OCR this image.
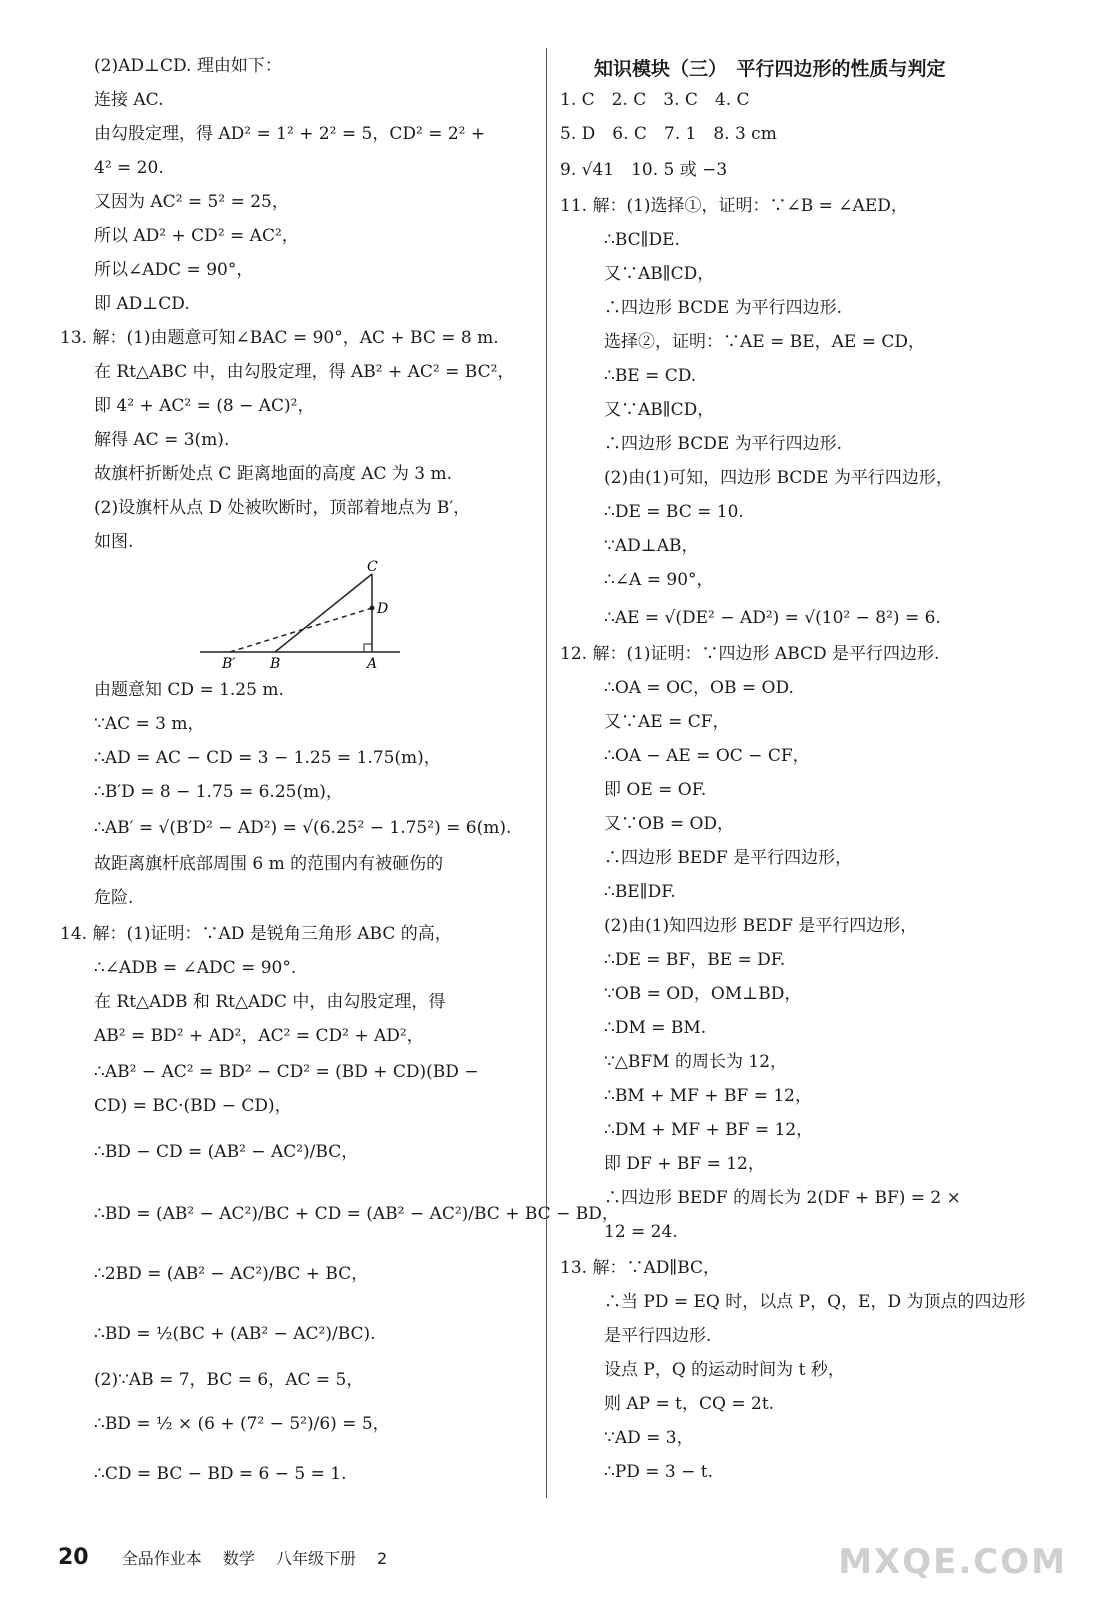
(2)AD⊥CD. 理由如下：
连接 AC.
由勾股定理，得 AD² = 1² + 2² = 5，CD² = 2² +
4² = 20.
又因为 AC² = 5² = 25，
所以 AD² + CD² = AC²，
所以∠ADC = 90°，
即 AD⊥CD.
13. 解：(1)由题意可知∠BAC = 90°，AC + BC = 8 m.
在 Rt△ABC 中，由勾股定理，得 AB² + AC² = BC²，
即 4² + AC² = (8 − AC)²，
解得 AC = 3(m).
故旗杆折断处点 C 距离地面的高度 AC 为 3 m.
(2)设旗杆从点 D 处被吹断时，顶部着地点为 B′，
如图.
C
D
B′ B	A
由题意知 CD = 1.25 m.
∵AC = 3 m，
∴AD = AC − CD = 3 − 1.25 = 1.75(m)，
∴B′D = 8 − 1.75 = 6.25(m)，
∴AB′ = √(B′D² − AD²) = √(6.25² − 1.75²) = 6(m).
故距离旗杆底部周围 6 m 的范围内有被砸伤的
危险.
14. 解：(1)证明：∵AD 是锐角三角形 ABC 的高，
∴∠ADB = ∠ADC = 90°.
在 Rt△ADB 和 Rt△ADC 中，由勾股定理，得
AB² = BD² + AD²，AC² = CD² + AD²，
∴AB² − AC² = BD² − CD² = (BD + CD)(BD −
CD) = BC·(BD − CD)，
∴BD − CD = (AB² − AC²)/BC，
∴BD = (AB² − AC²)/BC + CD = (AB² − AC²)/BC + BC − BD，
∴2BD = (AB² − AC²)/BC + BC，
∴BD = ½(BC + (AB² − AC²)/BC).
(2)∵AB = 7，BC = 6，AC = 5，
∴BD = ½ × (6 + (7² − 5²)/6) = 5，
∴CD = BC − BD = 6 − 5 = 1.
知识模块（三）　平行四边形的性质与判定
1. C　2. C　3. C　4. C
5. D　6. C　7. 1　8. 3 cm
9. √41　10. 5 或 −3
11. 解：(1)选择①，证明：∵∠B = ∠AED，
∴BC∥DE.
又∵AB∥CD，
∴四边形 BCDE 为平行四边形.
选择②，证明：∵AE = BE，AE = CD，
∴BE = CD.
又∵AB∥CD，
∴四边形 BCDE 为平行四边形.
(2)由(1)可知，四边形 BCDE 为平行四边形，
∴DE = BC = 10.
∵AD⊥AB，
∴∠A = 90°，
∴AE = √(DE² − AD²) = √(10² − 8²) = 6.
12. 解：(1)证明：∵四边形 ABCD 是平行四边形.
∴OA = OC，OB = OD.
又∵AE = CF，
∴OA − AE = OC − CF，
即 OE = OF.
又∵OB = OD，
∴四边形 BEDF 是平行四边形，
∴BE∥DF.
(2)由(1)知四边形 BEDF 是平行四边形，
∴DE = BF，BE = DF.
∵OB = OD，OM⊥BD，
∴DM = BM.
∵△BFM 的周长为 12，
∴BM + MF + BF = 12，
∴DM + MF + BF = 12，
即 DF + BF = 12，
∴四边形 BEDF 的周长为 2(DF + BF) = 2 ×
12 = 24.
13. 解：∵AD∥BC，
∴当 PD = EQ 时，以点 P，Q，E，D 为顶点的四边形
是平行四边形.
设点 P，Q 的运动时间为 t 秒，
则 AP = t，CQ = 2t.
∵AD = 3，
∴PD = 3 − t.
20 全品作业本 数学 八年级下册 2	MXQE.COM
